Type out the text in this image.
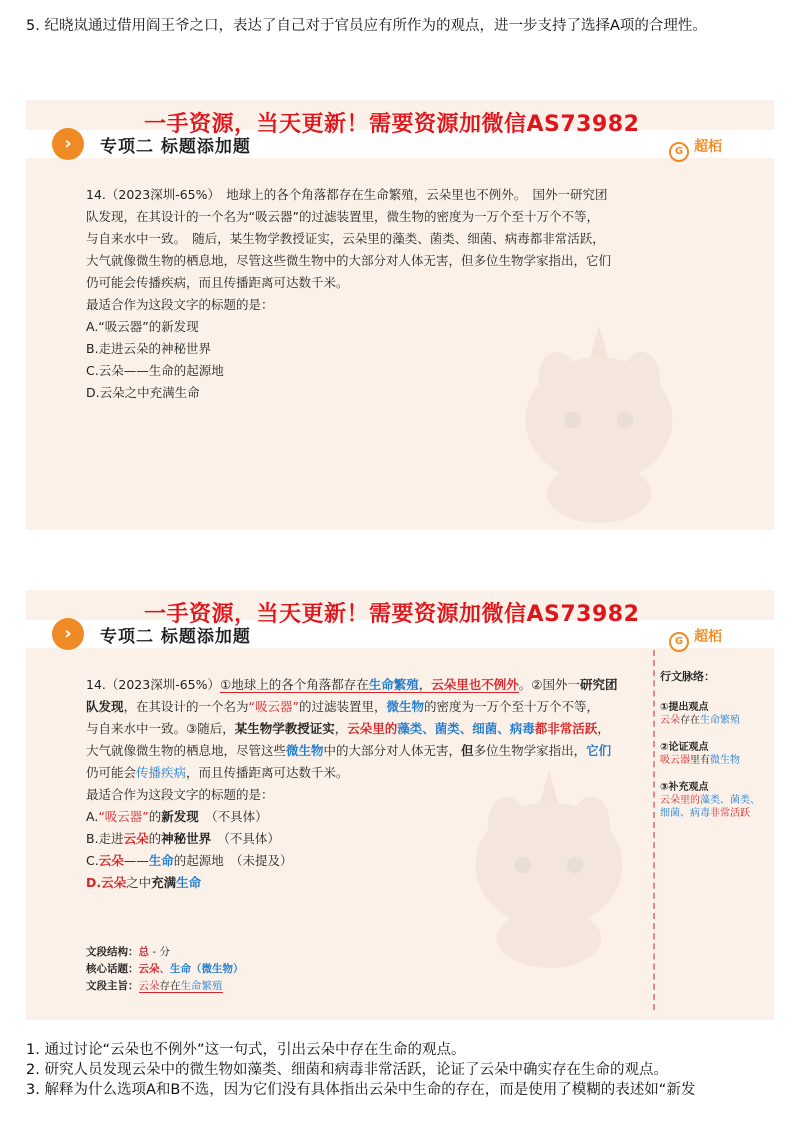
5. 纪晓岚通过借用阎王爷之口，表达了自己对于官员应有所作为的观点，进一步支持了选择A项的合理性。
一手资源，当天更新！需要资源加微信AS73982
›	专项二 标题添加题	G 超栢

14.（2023深圳-65%）　地球上的各个角落都存在生命繁殖，云朵里也不例外。　国外一研究团

队发现，在其设计的一个名为“吸云器”的过滤装置里，微生物的密度为一万个至十万个不等，

与自来水中一致。　随后，某生物学教授证实，云朵里的藻类、菌类、细菌、病毒都非常活跃，

大气就像微生物的栖息地，尽管这些微生物中的大部分对人体无害，但多位生物学家指出，它们

仍可能会传播疾病，而且传播距离可达数千米。

最适合作为这段文字的标题的是：

A.“吸云器”的新发现

B.走进云朵的神秘世界

C.云朵——生命的起源地

D.云朵之中充满生命

一手资源，当天更新！需要资源加微信AS73982
›	专项二 标题添加题	G 超栢

14.（2023深圳-65%）①地球上的各个角落都存在生命繁殖，云朵里也不例外。②国外一研究团

队发现，在其设计的一个名为“吸云器”的过滤装置里，微生物的密度为一万个至十万个不等，

与自来水中一致。③随后，某生物学教授证实，云朵里的藻类、菌类、细菌、病毒都非常活跃，

大气就像微生物的栖息地，尽管这些微生物中的大部分对人体无害，但多位生物学家指出，它们

仍可能会传播疾病，而且传播距离可达数千米。

最适合作为这段文字的标题的是：

A.“吸云器”的新发现　 （不具体）

B.走进云朵的神秘世界　 （不具体）

C.云朵——生命的起源地　 （未提及）

D.云朵之中充满生命

行文脉络：
①提出观点
云朵存在生命繁殖
②论证观点
吸云器里有微生物
③补充观点
云朵里的藻类、菌类、
细菌、病毒非常活跃
文段结构：总 - 分
核心话题：云朵、生命（微生物）
文段主旨：云朵存在生命繁殖

1. 通过讨论“云朵也不例外”这一句式，引出云朵中存在生命的观点。

2. 研究人员发现云朵中的微生物如藻类、细菌和病毒非常活跃，论证了云朵中确实存在生命的观点。

3. 解释为什么选项A和B不选，因为它们没有具体指出云朵中生命的存在，而是使用了模糊的表述如“新发
